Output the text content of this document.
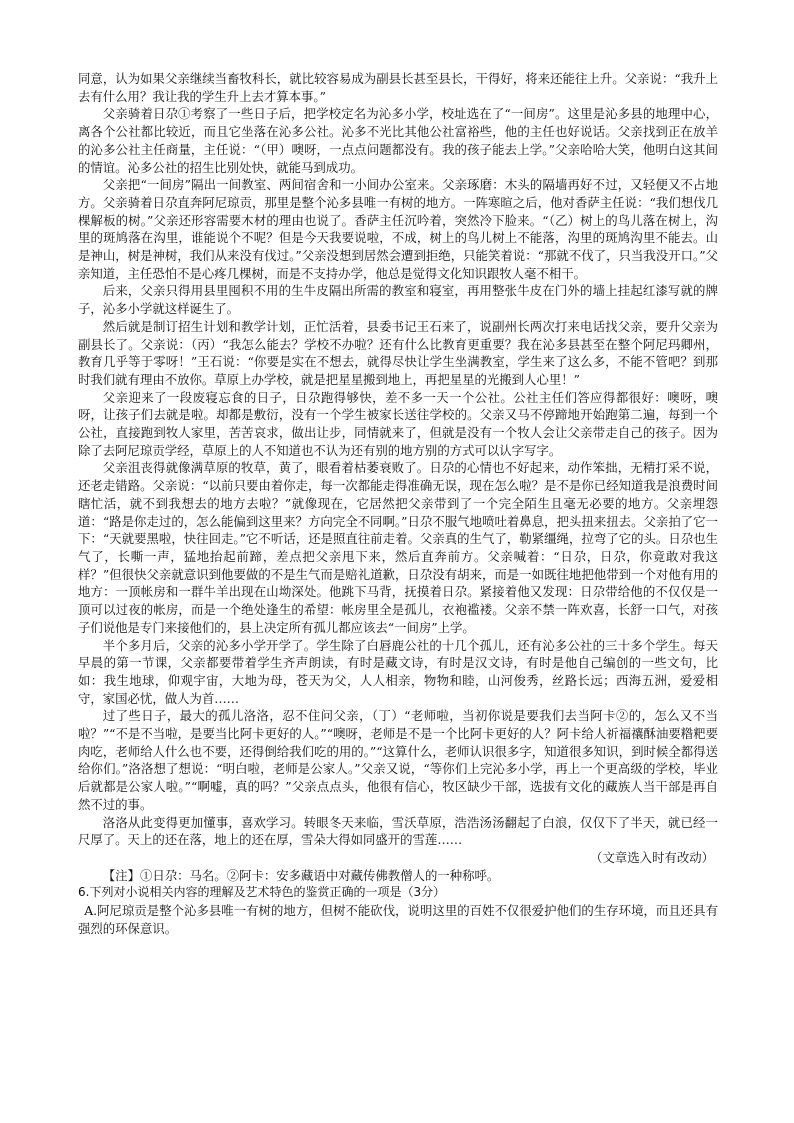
同意，认为如果父亲继续当畜牧科长，就比较容易成为副县长甚至县长，干得好，将来还能往上升。父亲说：“我升上去有什么用？我让我的学生升上去才算本事。”

父亲骑着日尕①考察了一些日子后，把学校定名为沁多小学，校址选在了“一间房”。这里是沁多县的地理中心，离各个公社都比较近，而且它坐落在沁多公社。沁多不光比其他公社富裕些，他的主任也好说话。父亲找到正在放羊的沁多公社主任商量，主任说：“（甲）噢呀，一点点问题都没有。我的孩子能去上学。”父亲哈哈大笑，他明白这其间的情谊。沁多公社的招生比别处快，就能马到成功。

父亲把“一间房”隔出一间教室、两间宿舍和一小间办公室来。父亲琢磨：木头的隔墙再好不过，又轻便又不占地方。父亲骑着日尕直奔阿尼琼贡，那里是整个沁多县唯一有树的地方。一阵寒暄之后，他对香萨主任说：“我们想伐几棵解板的树。”父亲还形容需要木材的理由也说了。香萨主任沉吟着，突然冷下脸来。“（乙）树上的鸟儿落在树上，沟里的斑鸠落在沟里，谁能说个不呢？但是今天我要说啦，不成，树上的鸟儿树上不能落，沟里的斑鸠沟里不能去。山是神山，树是神树，我们从来没有伐过。”父亲没想到居然会遭到拒绝，只能笑着说：“那就不伐了，只当我没开口。”父亲知道，主任恐怕不是心疼几棵树，而是不支持办学，他总是觉得文化知识跟牧人毫不相干。

后来，父亲只得用县里囤积不用的生牛皮隔出所需的教室和寝室，再用整张牛皮在门外的墙上挂起红漆写就的牌子，沁多小学就这样诞生了。

然后就是制订招生计划和教学计划，正忙活着，县委书记王石来了，说副州长两次打来电话找父亲，要升父亲为副县长了。父亲说：（丙）“我怎么能去？学校不办啦？还有什么比教育更重要？我在沁多县甚至在整个阿尼玛卿州，教育几乎等于零呀！”王石说：“你要是实在不想去，就得尽快让学生坐满教室，学生来了这么多，不能不管吧？到那时我们就有理由不放你。草原上办学校，就是把星星搬到地上，再把星星的光搬到人心里！”

父亲迎来了一段废寝忘食的日子，日尕跑得够快，差不多一天一个公社。公社主任们答应得都很好：噢呀，噢呀，让孩子们去就是啦。却都是敷衍，没有一个学生被家长送往学校的。父亲又马不停蹄地开始跑第二遍，每到一个公社，直接跑到牧人家里，苦苦哀求，做出让步，同情就来了，但就是没有一个牧人会让父亲带走自己的孩子。因为除了去阿尼琼贡学经，草原上的人不知道也不认为还有别的地方别的方式可以认字写字。

父亲沮丧得就像满草原的牧草，黄了，眼看着枯萎衰败了。日尕的心情也不好起来，动作笨拙，无精打采不说，还老走错路。父亲说：“以前只要由着你走，每一次都能走得准确无误，现在怎么啦？是不是你已经知道我是浪费时间瞎忙活，就不到我想去的地方去啦？”就像现在，它居然把父亲带到了一个完全陌生且毫无必要的地方。父亲埋怨道：“路是你走过的，怎么能偏到这里来？方向完全不同啊。”日尕不服气地喷吐着鼻息，把头扭来扭去。父亲拍了它一下：“天就要黑啦，快往回走。”它不听话，还是照直往前走着。父亲真的生气了，勒紧缰绳，拉弯了它的头。日尕也生气了，长嘶一声，猛地抬起前蹄，差点把父亲甩下来，然后直奔前方。父亲喊着：“日尕，日尕，你竟敢对我这样？”但很快父亲就意识到他要做的不是生气而是赔礼道歉，日尕没有胡来，而是一如既往地把他带到一个对他有用的地方：一顶帐房和一群牛羊出现在山坳深处。他跳下马背，抚摸着日尕。紧接着他又发现：日尕带给他的不仅仅是一顶可以过夜的帐房，而是一个绝处逢生的希望：帐房里全是孤儿，衣袍褴褛。父亲不禁一阵欢喜，长舒一口气，对孩子们说他是专门来接他们的，县上决定所有孤儿都应该去“一间房”上学。

半个多月后，父亲的沁多小学开学了。学生除了白唇鹿公社的十几个孤儿，还有沁多公社的三十多个学生。每天早晨的第一节课，父亲都要带着学生齐声朗读，有时是藏文诗，有时是汉文诗，有时是他自己编创的一些文句，比如：我生地球，仰观宇宙，大地为母，苍天为父，人人相亲，物物和睦，山河俊秀，丝路长远；西海五洲，爱爱相守，家国必忧，做人为首……

过了些日子，最大的孤儿洛洛，忍不住问父亲，（丁）“老师啦，当初你说是要我们去当阿卡②的，怎么又不当啦？”“不是不当啦，是要当比阿卡更好的人。”“噢呀，老师是不是一个比阿卡更好的人？阿卡给人祈福禳酥油要糌粑要肉吃，老师给人什么也不要，还得倒给我们吃的用的。”“这算什么，老师认识很多字，知道很多知识，到时候全都得送给你们。”洛洛想了想说：“明白啦，老师是公家人。”父亲又说，“等你们上完沁多小学，再上一个更高级的学校，毕业后就都是公家人啦。”“啊嘘，真的吗？”父亲点点头，他很有信心，牧区缺少干部，选拔有文化的藏族人当干部是再自然不过的事。

洛洛从此变得更加懂事，喜欢学习。转眼冬天来临，雪沃草原，浩浩汤汤翻起了白浪，仅仅下了半天，就已经一尺厚了。天上的还在落，地上的还在厚，雪朵大得如同盛开的雪莲……

（文章选入时有改动）

【注】①日尕：马名。②阿卡：安多藏语中对藏传佛教僧人的一种称呼。

6.下列对小说相关内容的理解及艺术特色的鉴赏正确的一项是（3分）

A.阿尼琼贡是整个沁多县唯一有树的地方，但树不能砍伐，说明这里的百姓不仅很爱护他们的生存环境，而且还具有强烈的环保意识。
